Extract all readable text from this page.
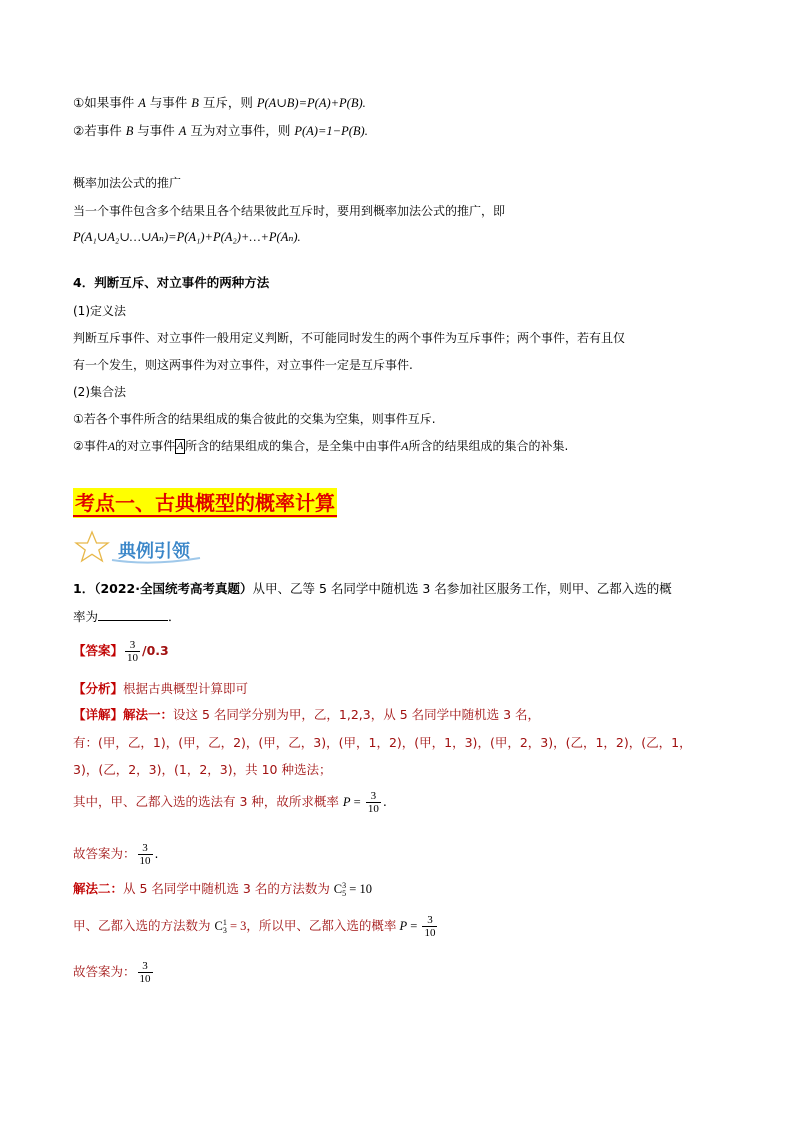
①如果事件 A 与事件 B 互斥，则 P(A∪B)=P(A)+P(B).
②若事件 B 与事件 A 互为对立事件，则 P(A)=1−P(B).
概率加法公式的推广
当一个事件包含多个结果且各个结果彼此互斥时，要用到概率加法公式的推广，即
P(A₁∪A₂∪…∪Aₙ)=P(A₁)+P(A₂)+…+P(Aₙ).
4．判断互斥、对立事件的两种方法
(1)定义法
判断互斥事件、对立事件一般用定义判断，不可能同时发生的两个事件为互斥事件；两个事件，若有且仅
有一个发生，则这两事件为对立事件，对立事件一定是互斥事件.
(2)集合法
①若各个事件所含的结果组成的集合彼此的交集为空集，则事件互斥.
②事件A的对立事件 A 所含的结果组成的集合，是全集中由事件A所含的结果组成的集合的补集.
考点一、古典概型的概率计算
典例引领
1．（2022·全国统考高考真题）从甲、乙等 5 名同学中随机选 3 名参加社区服务工作，则甲、乙都入选的概
率为	．
【答案】 $\frac{3}{10} /0.3$
【分析】根据古典概型计算即可
【详解】解法一：设这 5 名同学分别为甲，乙，1,2,3，从 5 名同学中随机选 3 名，
有：(甲，乙，1)，(甲，乙，2)，(甲，乙，3)，(甲，1，2)，(甲，1，3)，(甲，2，3)，(乙，1，2)，(乙，1，
3)，(乙，2，3)，(1，2，3)，共 10 种选法；
其中，甲、乙都入选的选法有 3 种，故所求概率 $P = \frac{3}{10}$ .
故答案为： $\frac{3}{10}$ .
解法二：从 5 名同学中随机选 3 名的方法数为 C 3
5 = 10
甲、乙都入选的方法数为 C 1
3 = 3，所以甲、乙都入选的概率 $P = \frac{3}{10}$
故答案为： $\frac{3}{10}$
